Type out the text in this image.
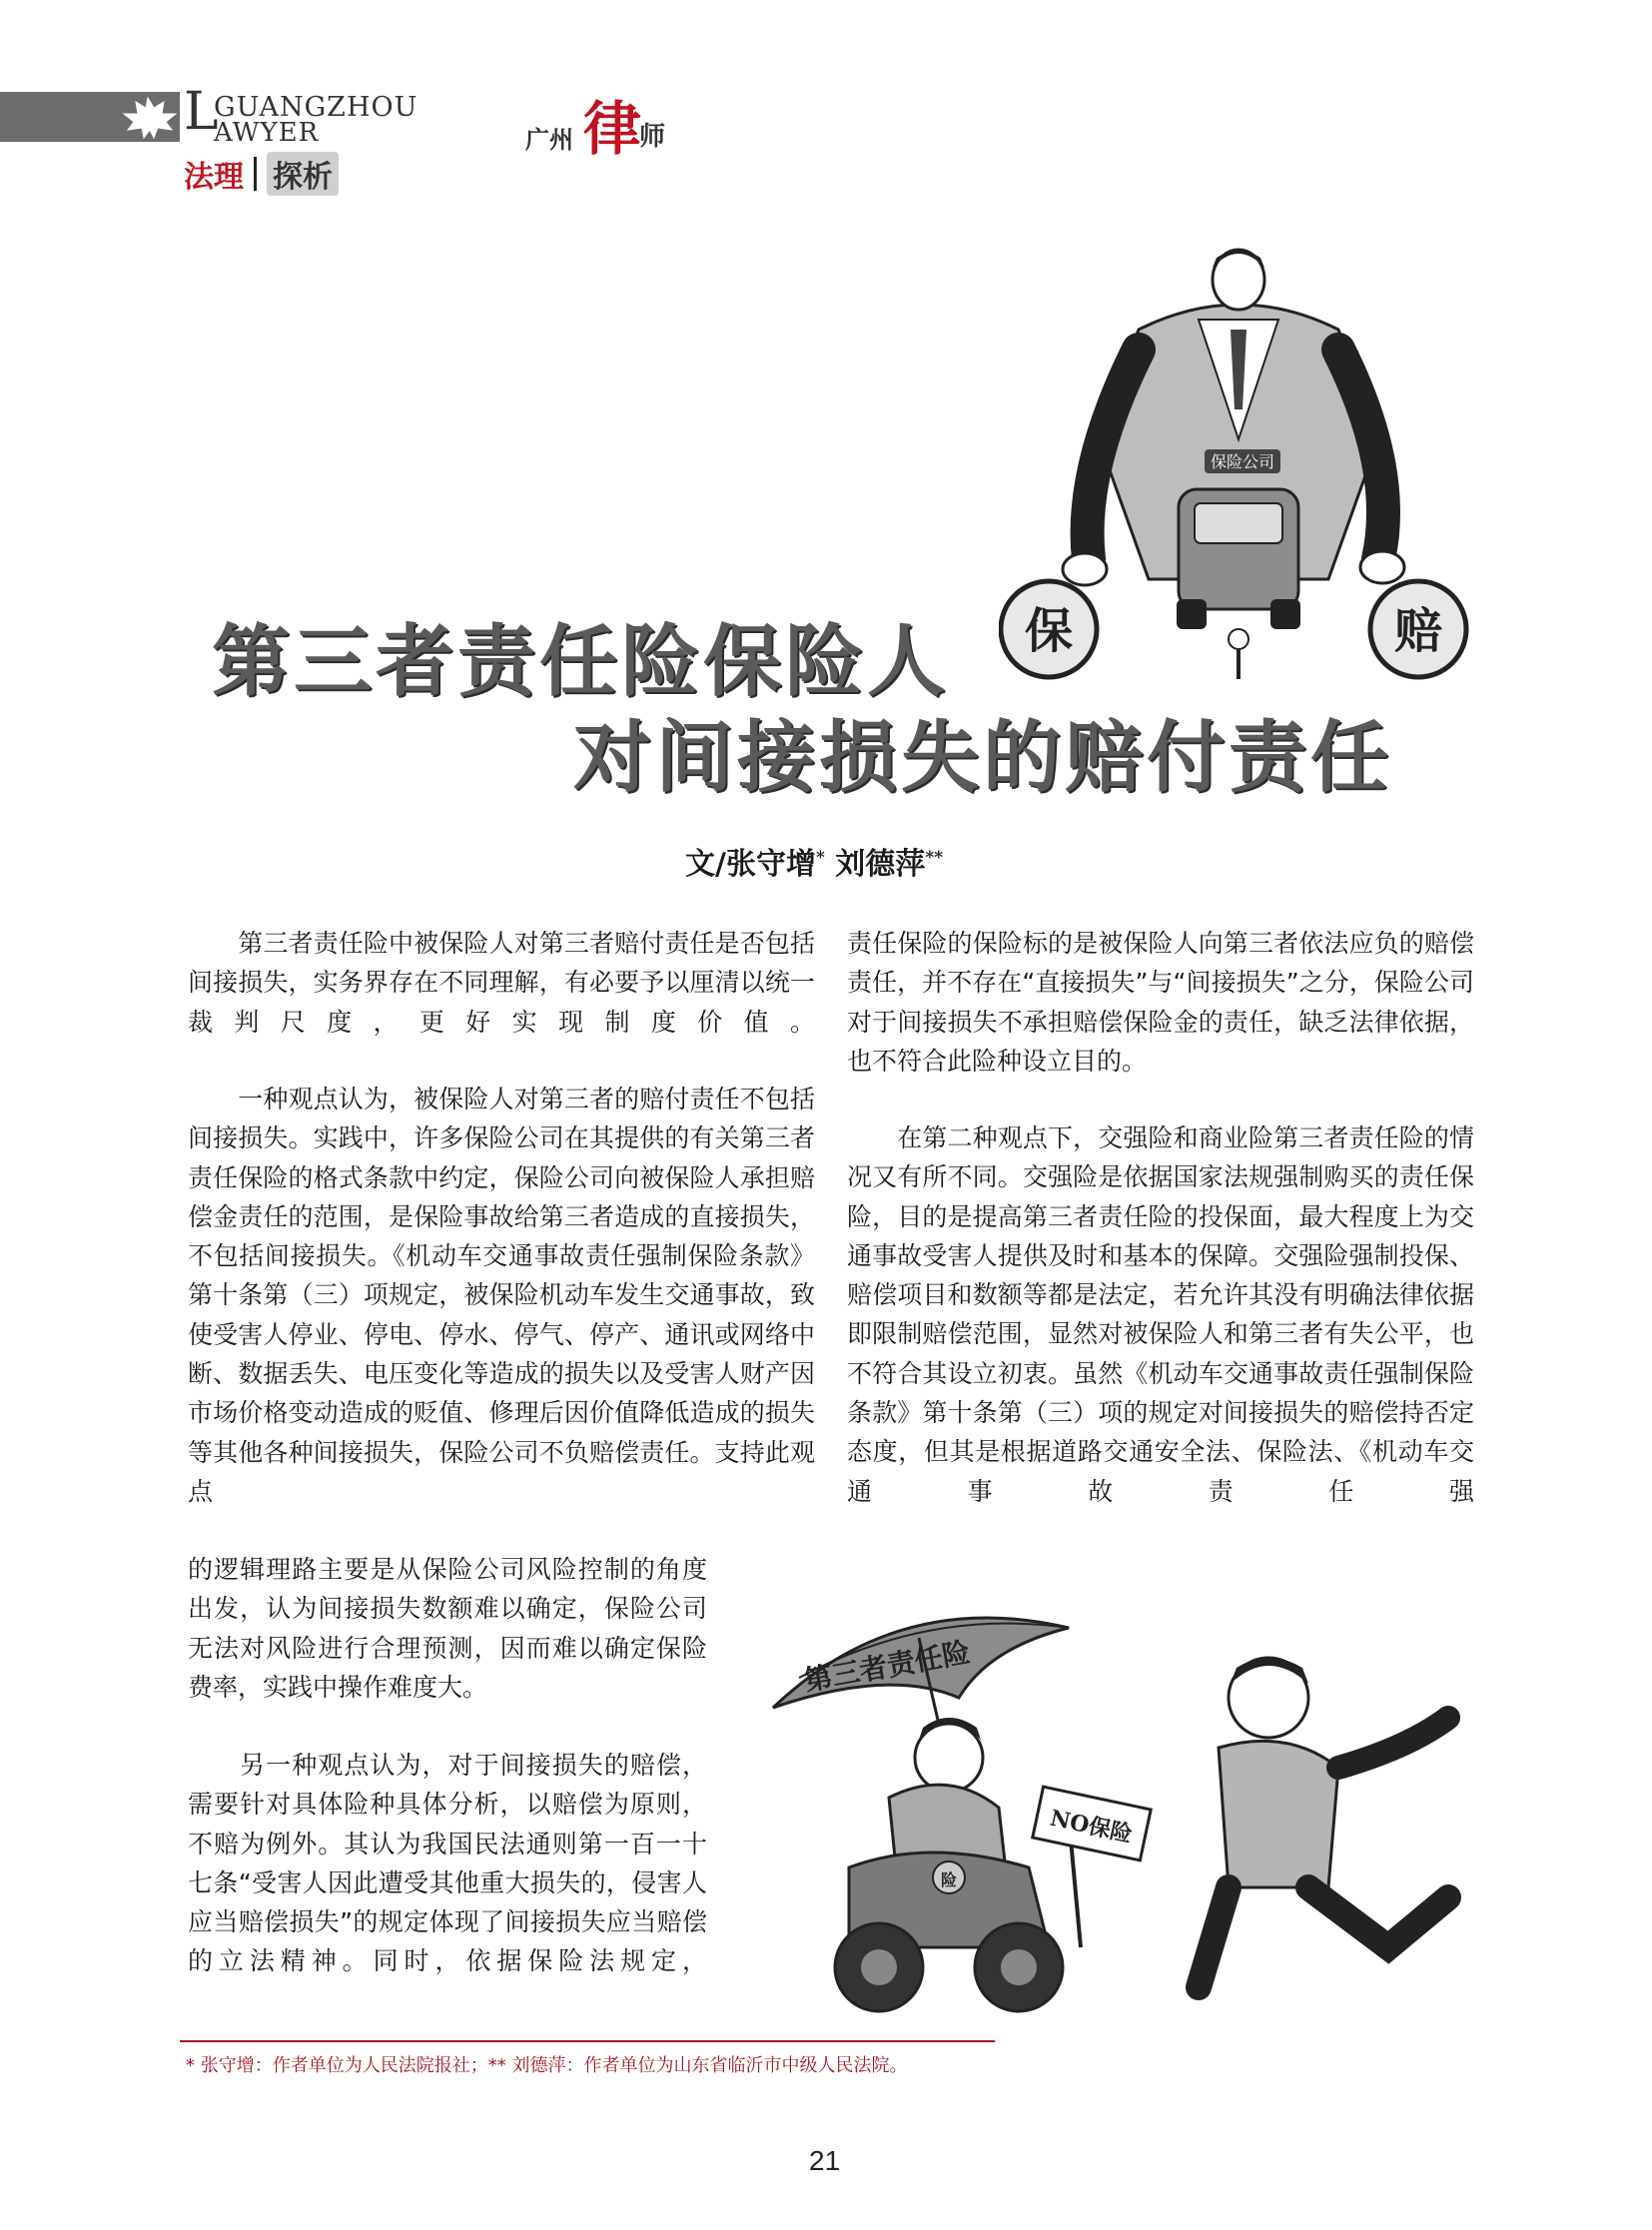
L
GUANGZHOU
AWYER	广州 律
师
法理 探析
保险公司
保	赔
第三者责任险保险人
对间接损失的赔付责任
文/张守增* 刘德萍**
　　第三者责任险中被保险人对第三者赔付责任是否包括间接损失，实务界存在不同理解，有必要予以厘清以统一裁判尺度，更好实现制度价值。
　　一种观点认为，被保险人对第三者的赔付责任不包括间接损失。实践中，许多保险公司在其提供的有关第三者责任保险的格式条款中约定，保险公司向被保险人承担赔偿金责任的范围，是保险事故给第三者造成的直接损失，不包括间接损失。《机动车交通事故责任强制保险条款》第十条第（三）项规定，被保险机动车发生交通事故，致使受害人停业、停电、停水、停气、停产、通讯或网络中断、数据丢失、电压变化等造成的损失以及受害人财产因市场价格变动造成的贬值、修理后因价值降低造成的损失等其他各种间接损失，保险公司不负赔偿责任。支持此观点
的逻辑理路主要是从保险公司风险控制的角度出发，认为间接损失数额难以确定，保险公司无法对风险进行合理预测，因而难以确定保险费率，实践中操作难度大。
　　另一种观点认为，对于间接损失的赔偿，需要针对具体险种具体分析，以赔偿为原则，不赔为例外。其认为我国民法通则第一百一十七条“受害人因此遭受其他重大损失的，侵害人应当赔偿损失”的规定体现了间接损失应当赔偿的立法精神。同时，依据保险法规定，
责任保险的保险标的是被保险人向第三者依法应负的赔偿责任，并不存在“直接损失”与“间接损失”之分，保险公司对于间接损失不承担赔偿保险金的责任，缺乏法律依据，也不符合此险种设立目的。
　　在第二种观点下，交强险和商业险第三者责任险的情况又有所不同。交强险是依据国家法规强制购买的责任保险，目的是提高第三者责任险的投保面，最大程度上为交通事故受害人提供及时和基本的保障。交强险强制投保、赔偿项目和数额等都是法定，若允许其没有明确法律依据即限制赔偿范围，显然对被保险人和第三者有失公平，也不符合其设立初衷。虽然《机动车交通事故责任强制保险条款》第十条第（三）项的规定对间接损失的赔偿持否定态度，但其是根据道路交通安全法、保险法、《机动车交通事故责任强
第三者责任险
险
NO保险
* 张守增：作者单位为人民法院报社；** 刘德萍：作者单位为山东省临沂市中级人民法院。
21
